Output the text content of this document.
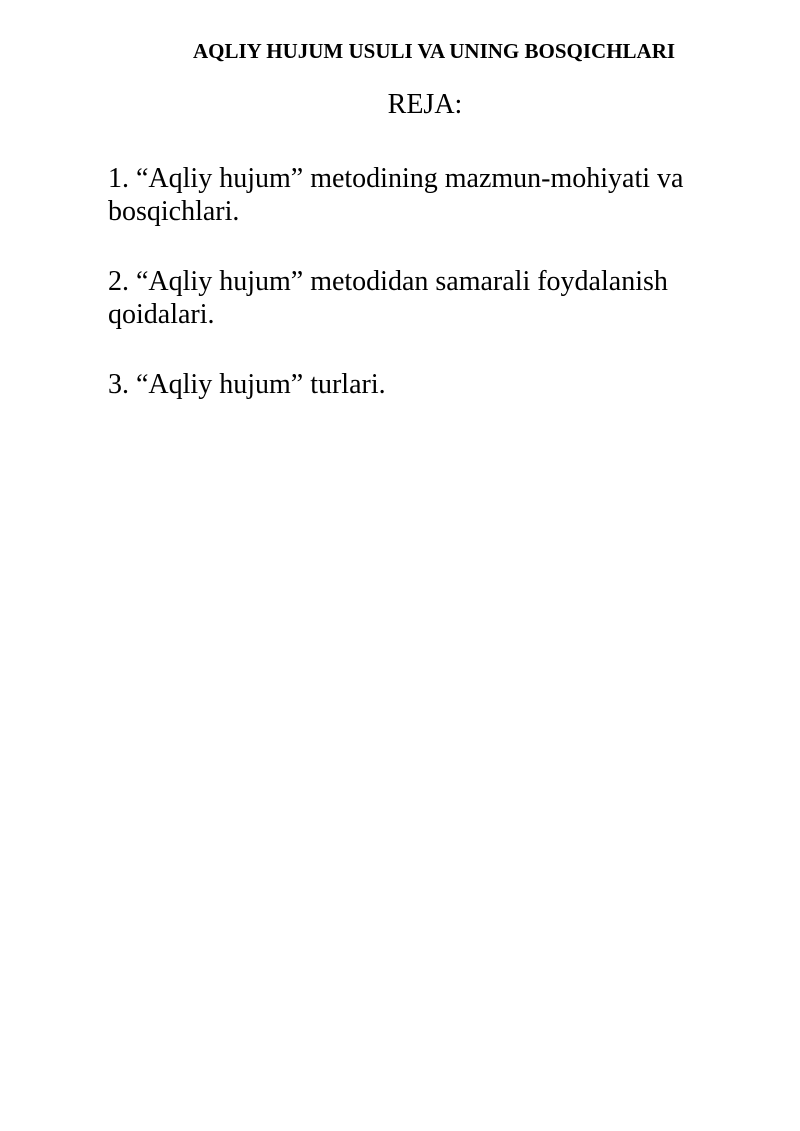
AQLIY HUJUM USULI VA UNING BOSQICHLARI
REJA:
1. “Aqliy hujum” metodining mazmun-mohiyati va bosqichlari.
2. “Aqliy hujum” metodidan samarali foydalanish qoidalari.
3. “Aqliy hujum” turlari.
